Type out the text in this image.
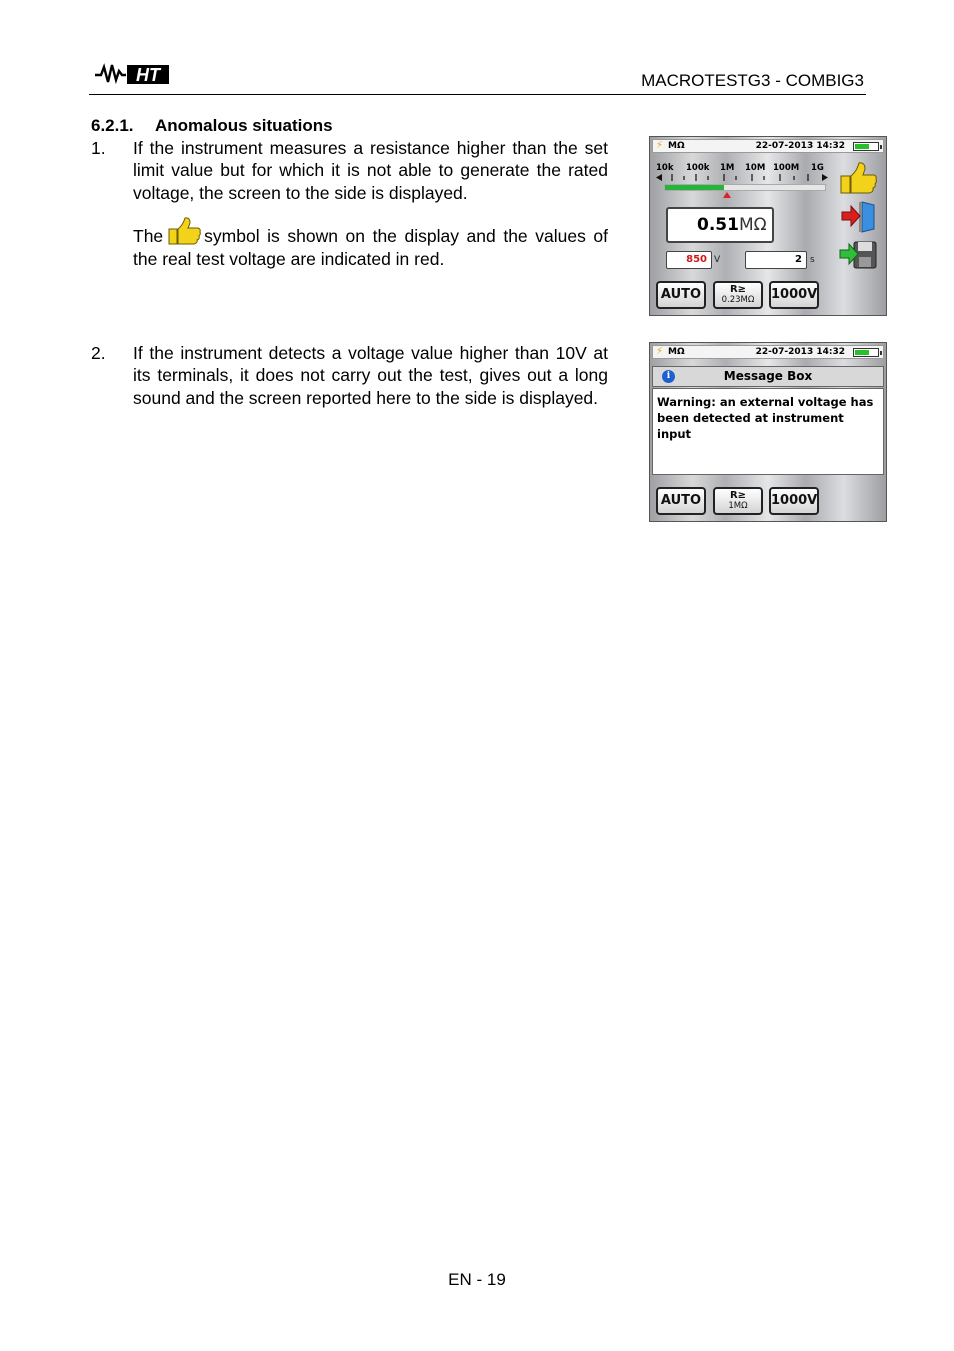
HT	MACROTESTG3 - COMBIG3
6.2.1. Anomalous situations
1. If the instrument measures a resistance higher than the set limit value but for which it is not able to generate the rated voltage, the screen to the side is displayed.

The symbol is shown on the display and the values of the real test voltage are indicated in red.

2. If the instrument detects a voltage value higher than 10V at its terminals, it does not carry out the test, gives out a long sound and the screen reported here to the side is displayed.

⚡ MΩ	22-07-2013 14:32
10k 100k 1M 10M 100M 1G
0.51 MΩ
850 V	2 s
AUTO	R≥
0.23MΩ	1000V
⚡ MΩ	22-07-2013 14:32
i	Message Box
Warning: an external voltage has been detected at instrument input
AUTO	R≥
1MΩ	1000V
EN - 19
